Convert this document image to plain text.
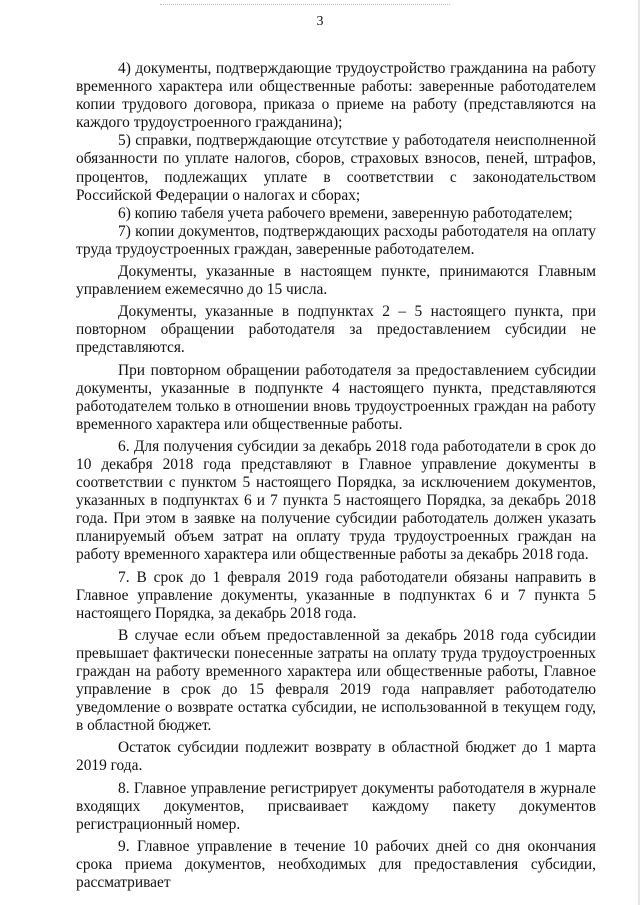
3

4) документы, подтверждающие трудоустройство гражданина на работу временного характера или общественные работы: заверенные работодателем копии трудового договора, приказа о приеме на работу (представляются на каждого трудоустроенного гражданина);

5) справки, подтверждающие отсутствие у работодателя неисполненной обязанности по уплате налогов, сборов, страховых взносов, пеней, штрафов, процентов, подлежащих уплате в соответствии с законодательством Российской Федерации о налогах и сборах;

6) копию табеля учета рабочего времени, заверенную работодателем;

7) копии документов, подтверждающих расходы работодателя на оплату труда трудоустроенных граждан, заверенные работодателем.

Документы, указанные в настоящем пункте, принимаются Главным управлением ежемесячно до 15 числа.

Документы, указанные в подпунктах 2 – 5 настоящего пункта, при повторном обращении работодателя за предоставлением субсидии не представляются.

При повторном обращении работодателя за предоставлением субсидии документы, указанные в подпункте 4 настоящего пункта, представляются работодателем только в отношении вновь трудоустроенных граждан на работу временного характера или общественные работы.

6. Для получения субсидии за декабрь 2018 года работодатели в срок до 10 декабря 2018 года представляют в Главное управление документы в соответствии с пунктом 5 настоящего Порядка, за исключением документов, указанных в подпунктах 6 и 7 пункта 5 настоящего Порядка, за декабрь 2018 года. При этом в заявке на получение субсидии работодатель должен указать планируемый объем затрат на оплату труда трудоустроенных граждан на работу временного характера или общественные работы за декабрь 2018 года.

7. В срок до 1 февраля 2019 года работодатели обязаны направить в Главное управление документы, указанные в подпунктах 6 и 7 пункта 5 настоящего Порядка, за декабрь 2018 года.

В случае если объем предоставленной за декабрь 2018 года субсидии превышает фактически понесенные затраты на оплату труда трудоустроенных граждан на работу временного характера или общественные работы, Главное управление в срок до 15 февраля 2019 года направляет работодателю уведомление о возврате остатка субсидии, не использованной в текущем году, в областной бюджет.

Остаток субсидии подлежит возврату в областной бюджет до 1 марта 2019 года.

8. Главное управление регистрирует документы работодателя в журнале входящих документов, присваивает каждому пакету документов регистрационный номер.

9. Главное управление в течение 10 рабочих дней со дня окончания срока приема документов, необходимых для предоставления субсидии, рассматривает
